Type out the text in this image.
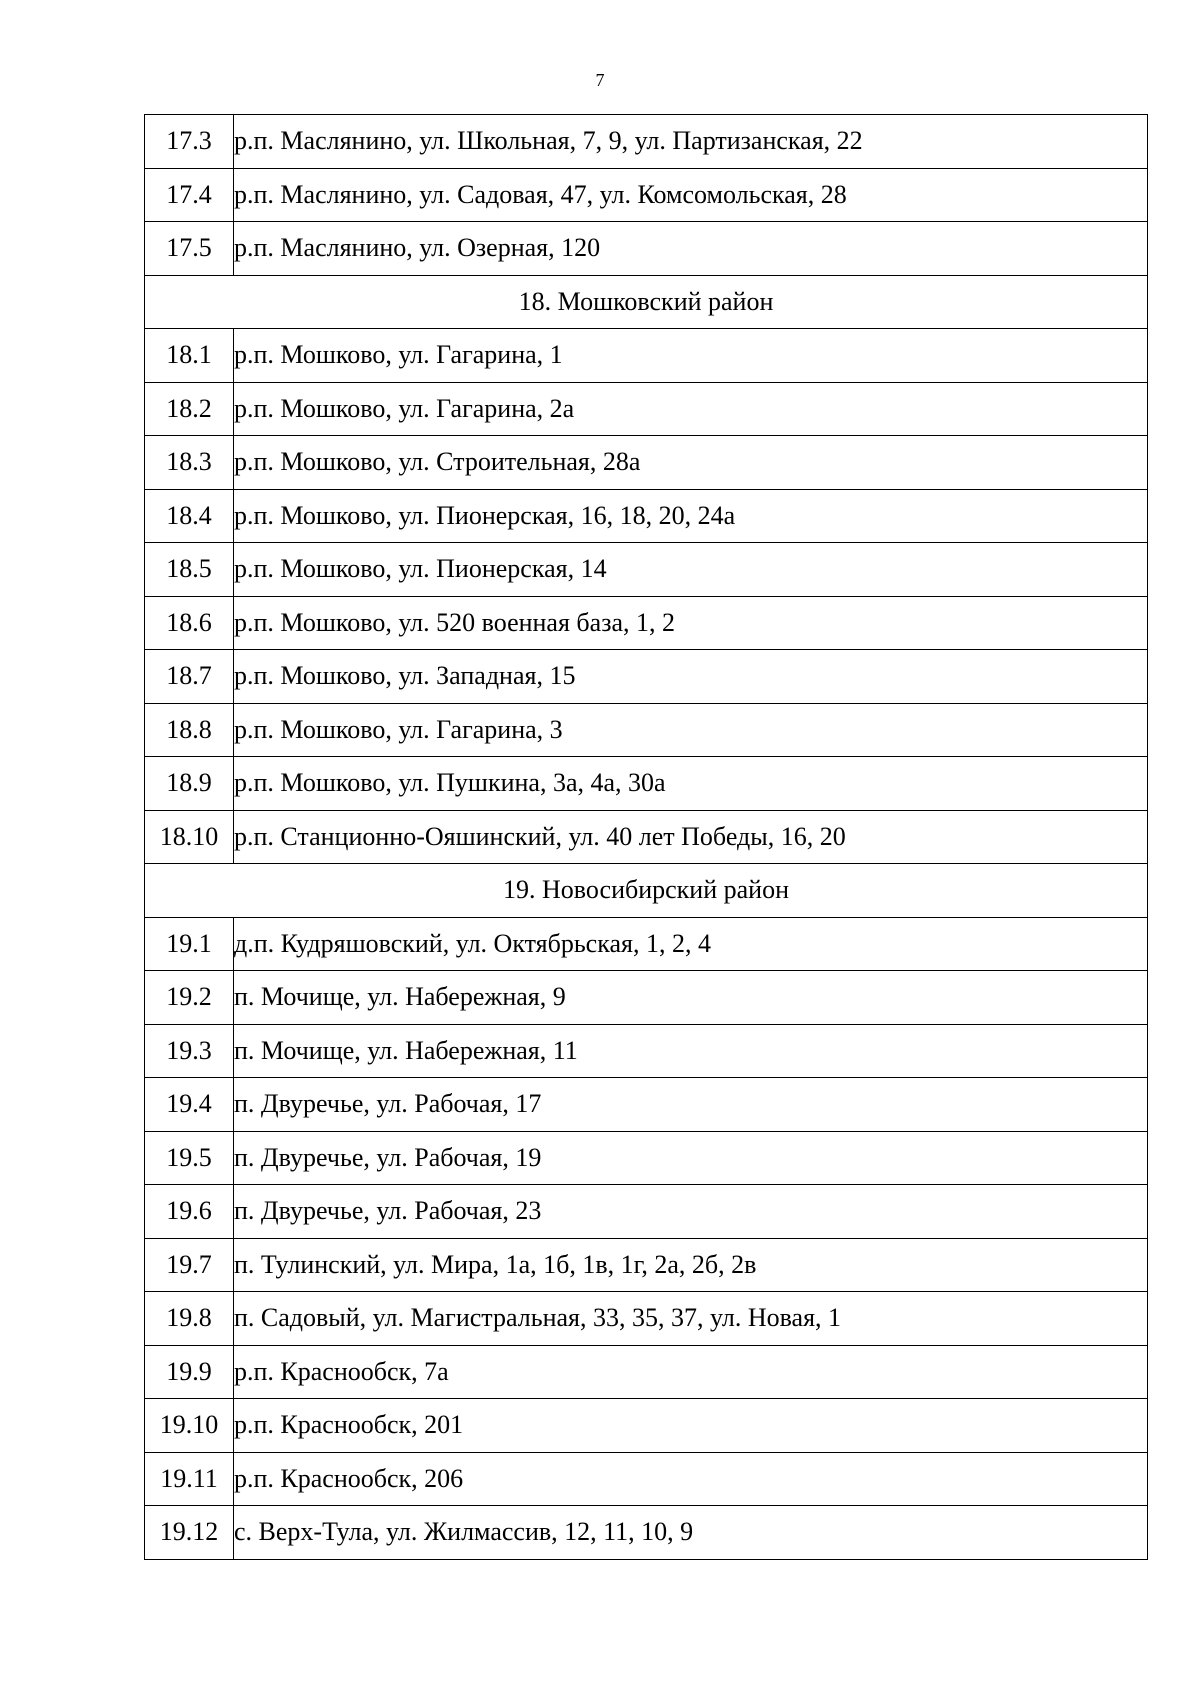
7
17.3	р.п. Маслянино, ул. Школьная, 7, 9, ул. Партизанская, 22
17.4	р.п. Маслянино, ул. Садовая, 47, ул. Комсомольская, 28
17.5	р.п. Маслянино, ул. Озерная, 120
18. Мошковский район	
18.1	р.п. Мошково, ул. Гагарина, 1
18.2	р.п. Мошково, ул. Гагарина, 2а
18.3	р.п. Мошково, ул. Строительная, 28а
18.4	р.п. Мошково, ул. Пионерская, 16, 18, 20, 24а
18.5	р.п. Мошково, ул. Пионерская, 14
18.6	р.п. Мошково, ул. 520 военная база, 1, 2
18.7	р.п. Мошково, ул. Западная, 15
18.8	р.п. Мошково, ул. Гагарина, 3
18.9	р.п. Мошково, ул. Пушкина, 3а, 4а, 30а
18.10	р.п. Станционно-Ояшинский, ул. 40 лет Победы, 16, 20
19. Новосибирский район	
19.1	д.п. Кудряшовский, ул. Октябрьская, 1, 2, 4
19.2	п. Мочище, ул. Набережная, 9
19.3	п. Мочище, ул. Набережная, 11
19.4	п. Двуречье, ул. Рабочая, 17
19.5	п. Двуречье, ул. Рабочая, 19
19.6	п. Двуречье, ул. Рабочая, 23
19.7	п. Тулинский, ул. Мира, 1а, 1б, 1в, 1г, 2а, 2б, 2в
19.8	п. Садовый, ул. Магистральная, 33, 35, 37, ул. Новая, 1
19.9	р.п. Краснообск, 7а
19.10	р.п. Краснообск, 201
19.11	р.п. Краснообск, 206
19.12	с. Верх-Тула, ул. Жилмассив, 12, 11, 10, 9
